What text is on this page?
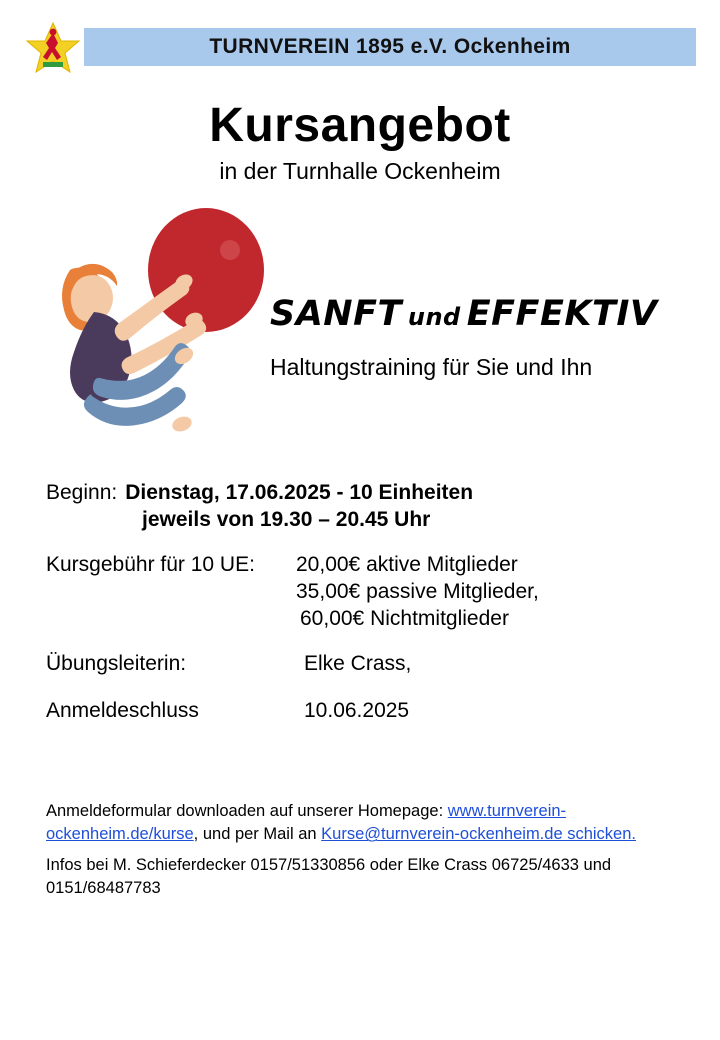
TURNVEREIN 1895 e.V. Ockenheim
Kursangebot
in der Turnhalle Ockenheim
SANFT und EFFEKTIV
Haltungstraining für Sie und Ihn
Beginn: Dienstag, 17.06.2025 - 10 Einheiten
jeweils von 19.30 – 20.45 Uhr
Kursgebühr für 10 UE:	20,00€ aktive Mitglieder
35,00€ passive Mitglieder,
60,00€ Nichtmitglieder
Übungsleiterin:	Elke Crass,
Anmeldeschluss	10.06.2025
Anmeldeformular downloaden auf unserer Homepage: www.turnverein-ockenheim.de/kurse, und per Mail an Kurse@turnverein-ockenheim.de schicken.
Infos bei M. Schieferdecker 0157/51330856 oder Elke Crass 06725/4633 und 0151/68487783
